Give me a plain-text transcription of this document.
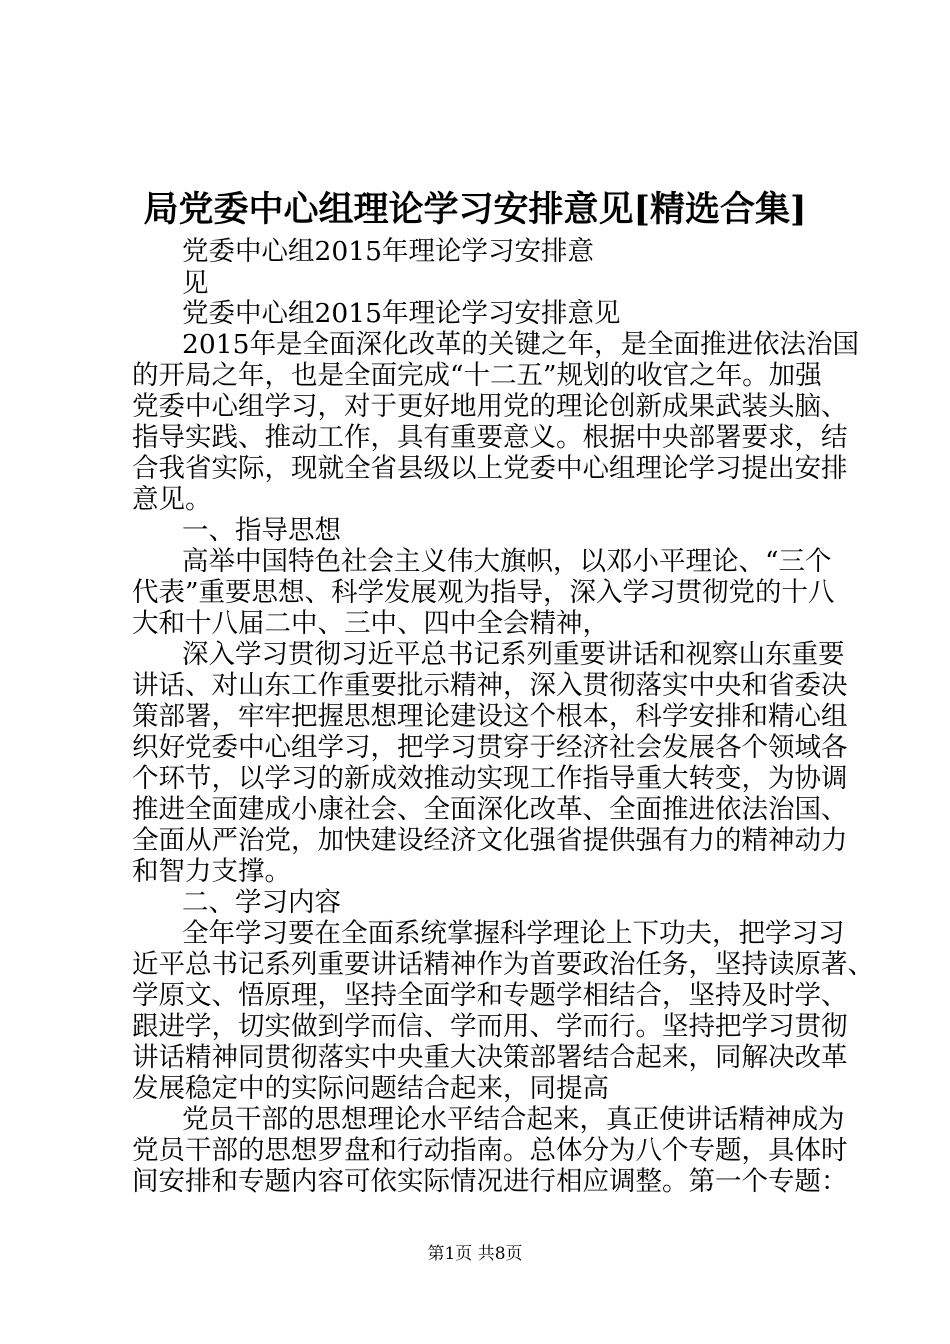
局党委中心组理论学习安排意见[精选合集]
党委中心组2015年理论学习安排意
见
党委中心组2015年理论学习安排意见
2015年是全面深化改革的关键之年，是全面推进依法治国
的开局之年，也是全面完成“十二五”规划的收官之年。加强
党委中心组学习，对于更好地用党的理论创新成果武装头脑、
指导实践、推动工作，具有重要意义。根据中央部署要求，结
合我省实际，现就全省县级以上党委中心组理论学习提出安排
意见。
一、指导思想
高举中国特色社会主义伟大旗帜，以邓小平理论、“三个
代表”重要思想、科学发展观为指导，深入学习贯彻党的十八
大和十八届二中、三中、四中全会精神，
深入学习贯彻习近平总书记系列重要讲话和视察山东重要
讲话、对山东工作重要批示精神，深入贯彻落实中央和省委决
策部署，牢牢把握思想理论建设这个根本，科学安排和精心组
织好党委中心组学习，把学习贯穿于经济社会发展各个领域各
个环节，以学习的新成效推动实现工作指导重大转变，为协调
推进全面建成小康社会、全面深化改革、全面推进依法治国、
全面从严治党，加快建设经济文化强省提供强有力的精神动力
和智力支撑。
二、学习内容
全年学习要在全面系统掌握科学理论上下功夫，把学习习
近平总书记系列重要讲话精神作为首要政治任务，坚持读原著、
学原文、悟原理，坚持全面学和专题学相结合，坚持及时学、
跟进学，切实做到学而信、学而用、学而行。坚持把学习贯彻
讲话精神同贯彻落实中央重大决策部署结合起来，同解决改革
发展稳定中的实际问题结合起来，同提高
党员干部的思想理论水平结合起来，真正使讲话精神成为
党员干部的思想罗盘和行动指南。总体分为八个专题，具体时
间安排和专题内容可依实际情况进行相应调整。第一个专题：
第1页 共8页
